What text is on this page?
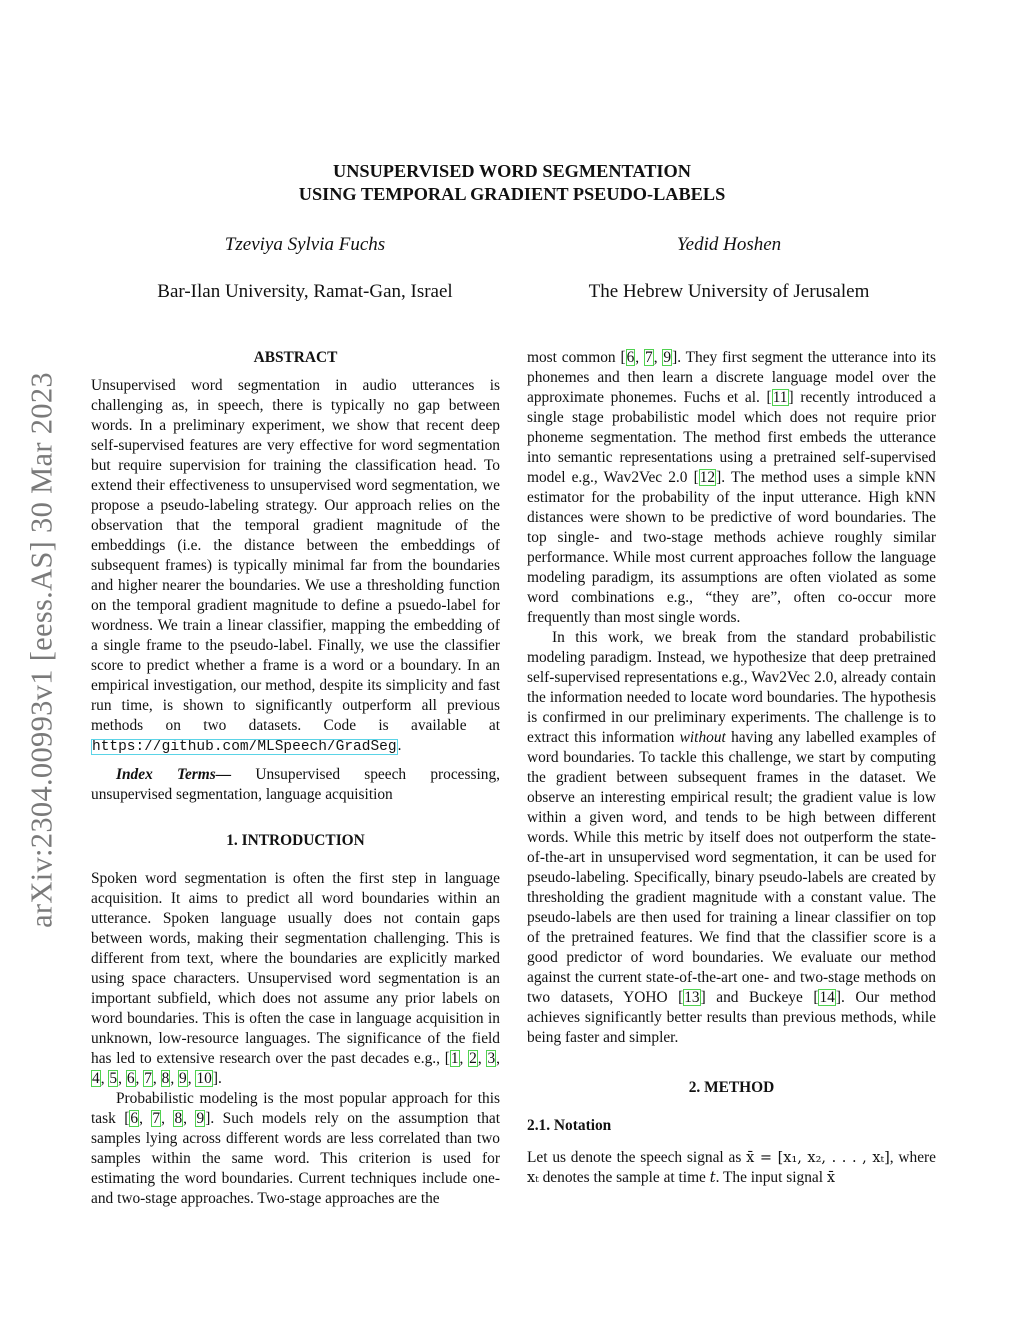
arXiv:2304.00993v1 [eess.AS] 30 Mar 2023
UNSUPERVISED WORD SEGMENTATION
USING TEMPORAL GRADIENT PSEUDO-LABELS
Tzeviya Sylvia Fuchs	Yedid Hoshen
Bar-Ilan University, Ramat-Gan, Israel	The Hebrew University of Jerusalem
ABSTRACT

Unsupervised word segmentation in audio utterances is challenging as, in speech, there is typically no gap between words. In a preliminary experiment, we show that recent deep self-supervised features are very effective for word segmentation but require supervision for training the classification head. To extend their effectiveness to unsupervised word segmentation, we propose a pseudo-labeling strategy. Our approach relies on the observation that the temporal gradient magnitude of the embeddings (i.e. the distance between the embeddings of subsequent frames) is typically minimal far from the boundaries and higher nearer the boundaries. We use a thresholding function on the temporal gradient magnitude to define a psuedo-label for wordness. We train a linear classifier, mapping the embedding of a single frame to the pseudo-label. Finally, we use the classifier score to predict whether a frame is a word or a boundary. In an empirical investigation, our method, despite its simplicity and fast run time, is shown to significantly outperform all previous methods on two datasets. Code is available at https://github.com/MLSpeech/GradSeg.

Index Terms— Unsupervised speech processing, unsupervised segmentation, language acquisition

1. INTRODUCTION

Spoken word segmentation is often the first step in language acquisition. It aims to predict all word boundaries within an utterance. Spoken language usually does not contain gaps between words, making their segmentation challenging. This is different from text, where the boundaries are explicitly marked using space characters. Unsupervised word segmentation is an important subfield, which does not assume any prior labels on word boundaries. This is often the case in language acquisition in unknown, low-resource languages. The significance of the field has led to extensive research over the past decades e.g., [1, 2, 3, 4, 5, 6, 7, 8, 9, 10].

Probabilistic modeling is the most popular approach for this task [6, 7, 8, 9]. Such models rely on the assumption that samples lying across different words are less correlated than two samples within the same word. This criterion is used for estimating the word boundaries. Current techniques include one- and two-stage approaches. Two-stage approaches are the

most common [6, 7, 9]. They first segment the utterance into its phonemes and then learn a discrete language model over the approximate phonemes. Fuchs et al. [11] recently introduced a single stage probabilistic model which does not require prior phoneme segmentation. The method first embeds the utterance into semantic representations using a pretrained self-supervised model e.g., Wav2Vec 2.0 [12]. The method uses a simple kNN estimator for the probability of the input utterance. High kNN distances were shown to be predictive of word boundaries. The top single- and two-stage methods achieve roughly similar performance. While most current approaches follow the language modeling paradigm, its assumptions are often violated as some word combinations e.g., “they are”, often co-occur more frequently than most single words.

In this work, we break from the standard probabilistic modeling paradigm. Instead, we hypothesize that deep pretrained self-supervised representations e.g., Wav2Vec 2.0, already contain the information needed to locate word boundaries. The hypothesis is confirmed in our preliminary experiments. The challenge is to extract this information without having any labelled examples of word boundaries. To tackle this challenge, we start by computing the gradient between subsequent frames in the dataset. We observe an interesting empirical result; the gradient value is low within a given word, and tends to be high between different words. While this metric by itself does not outperform the state-of-the-art in unsupervised word segmentation, it can be used for pseudo-labeling. Specifically, binary pseudo-labels are created by thresholding the gradient magnitude with a constant value. The pseudo-labels are then used for training a linear classifier on top of the pretrained features. We find that the classifier score is a good predictor of word boundaries. We evaluate our method against the current state-of-the-art one- and two-stage methods on two datasets, YOHO [13] and Buckeye [14]. Our method achieves significantly better results than previous methods, while being faster and simpler.

2. METHOD
2.1. Notation

Let us denote the speech signal as x̄ = [x₁, x₂, . . . , xₜ], where xₜ denotes the sample at time t. The input signal x̄
